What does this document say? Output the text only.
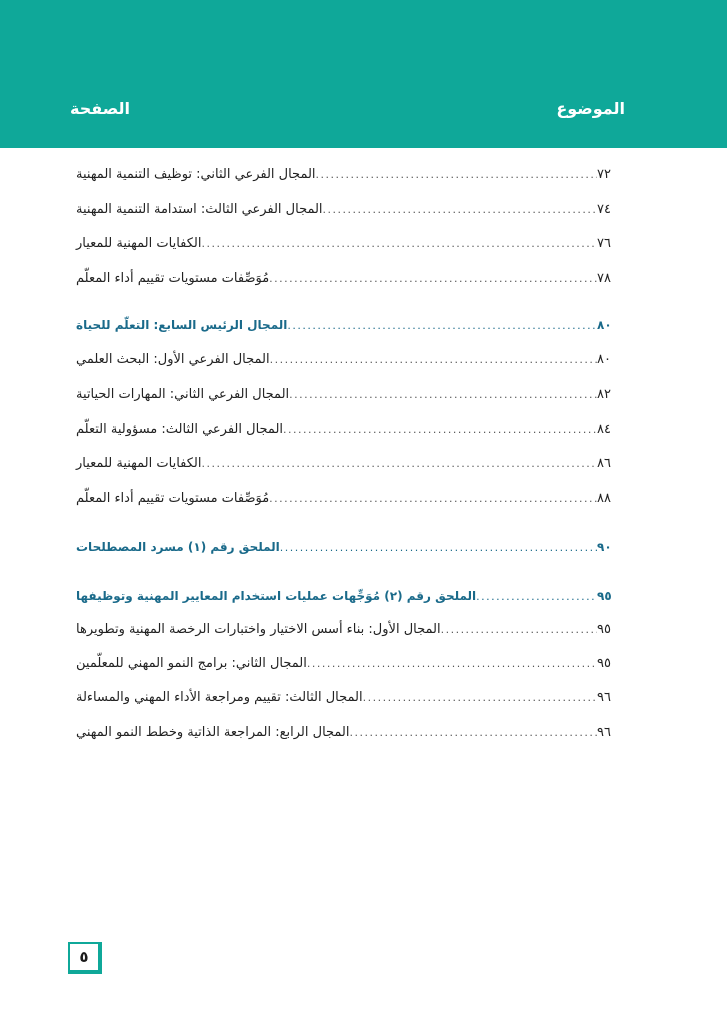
الموضوع
الصفحة
المجال الفرعي الثاني: توظيف التنمية المهنية .....	٧٢
المجال الفرعي الثالث: استدامة التنمية المهنية .....	٧٤
الكفايات المهنية للمعيار .....	٧٦
مُوَصِّفات مستويات تقييم أداء المعلّم .....	٧٨
المجال الرئيس السابع: التعلّم للحياة .....	٨٠
المجال الفرعي الأول: البحث العلمي .....	٨٠
المجال الفرعي الثاني: المهارات الحياتية .....	٨٢
المجال الفرعي الثالث: مسؤولية التعلّم .....	٨٤
الكفايات المهنية للمعيار .....	٨٦
مُوَصِّفات مستويات تقييم أداء المعلّم .....	٨٨
الملحق رقم (١) مسرد المصطلحات .....	٩٠
الملحق رقم (٢) مُوَجِّهات عمليات استخدام المعايير المهنية وتوظيفها .....	٩٥
المجال الأول: بناء أسس الاختيار واختبارات الرخصة المهنية وتطويرها .....	٩٥
المجال الثاني: برامج النمو المهني للمعلّمين .....	٩٥
المجال الثالث: تقييم ومراجعة الأداء المهني والمساءلة .....	٩٦
المجال الرابع: المراجعة الذاتية وخطط النمو المهني .....	٩٦
٥
